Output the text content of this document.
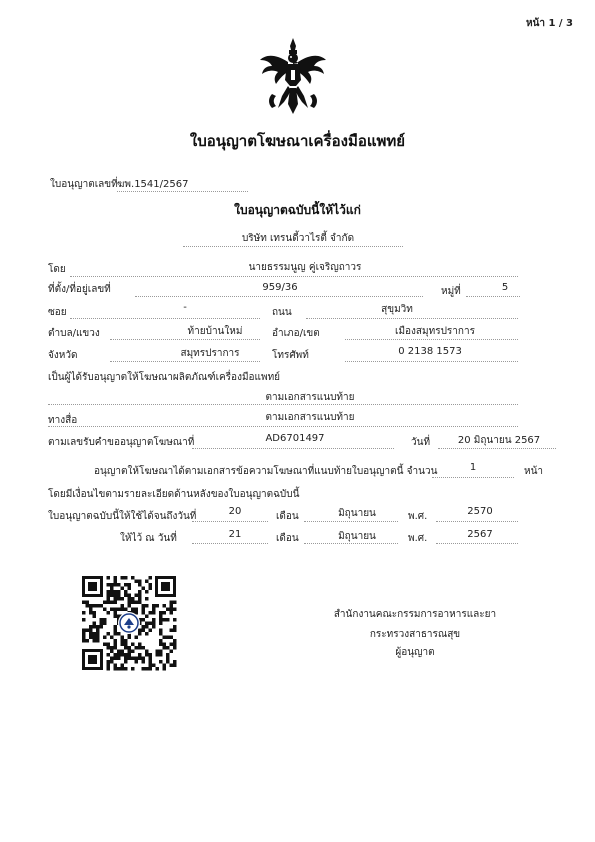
หน้า 1 / 3
ใบอนุญาตโฆษณาเครื่องมือแพทย์
ใบอนุญาตเลขที่ ฆพ.1541/2567
ใบอนุญาตฉบับนี้ให้ไว้แก่
บริษัท เทรนดี้วาไรตี้ จำกัด
โดย	นายธรรมนูญ คู่เจริญถาวร
ที่ตั้ง/ที่อยู่เลขที่	959/36	หมู่ที่	5
ซอย	-	ถนน	สุขุมวิท
ตำบล/แขวง	ท้ายบ้านใหม่	อำเภอ/เขต	เมืองสมุทรปราการ
จังหวัด	สมุทรปราการ	โทรศัพท์	0 2138 1573
เป็นผู้ได้รับอนุญาตให้โฆษณาผลิตภัณฑ์เครื่องมือแพทย์
ตามเอกสารแนบท้าย
ทางสื่อ	ตามเอกสารแนบท้าย
ตามเลขรับคำขออนุญาตโฆษณาที่	AD6701497	วันที่	20 มิถุนายน 2567
อนุญาตให้โฆษณาได้ตามเอกสารข้อความโฆษณาที่แนบท้ายใบอนุญาตนี้ จำนวน	1	หน้า
โดยมีเงื่อนไขตามรายละเอียดด้านหลังของใบอนุญาตฉบับนี้
ใบอนุญาตฉบับนี้ให้ใช้ได้จนถึงวันที่	20	เดือน	มิถุนายน	พ.ศ.	2570
ให้ไว้ ณ วันที่	21	เดือน	มิถุนายน	พ.ศ.	2567
สำนักงานคณะกรรมการอาหารและยา
กระทรวงสาธารณสุข
ผู้อนุญาต
